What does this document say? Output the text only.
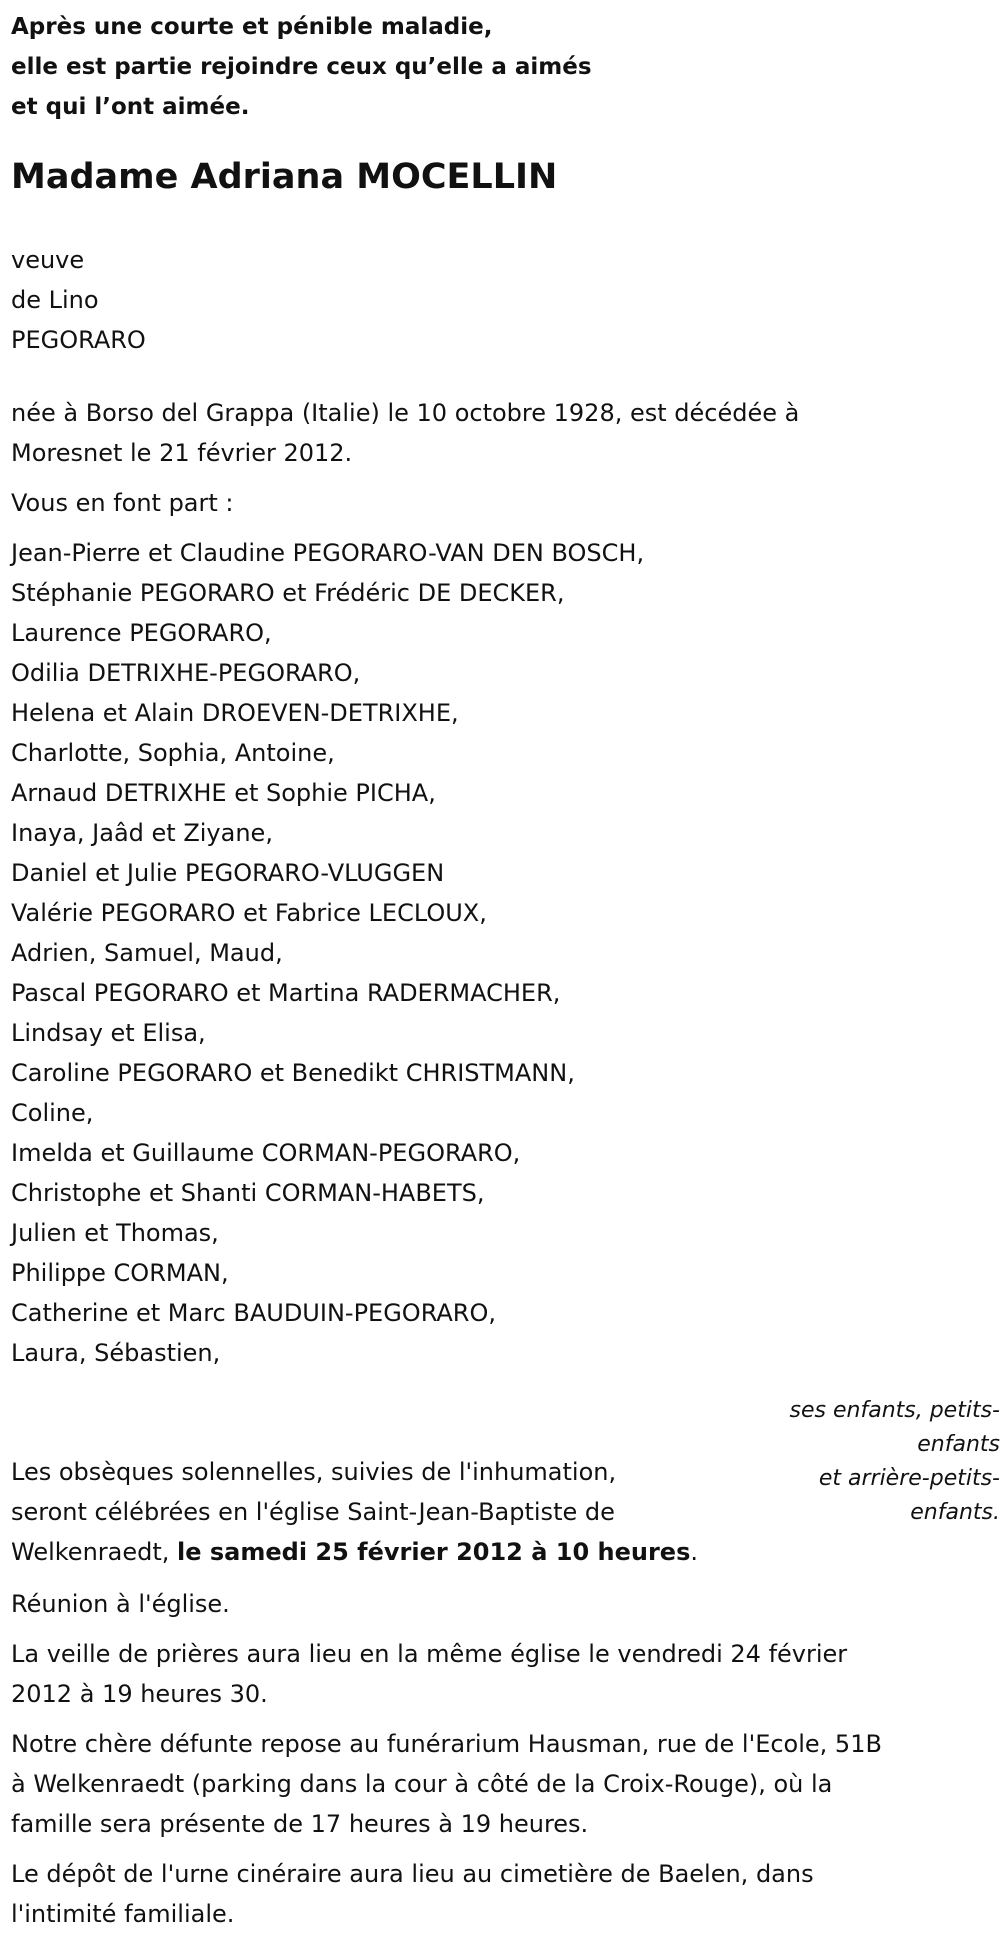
Après une courte et pénible maladie,
elle est partie rejoindre ceux qu’elle a aimés
et qui l’ont aimée.
Madame Adriana MOCELLIN
veuve
de Lino
PEGORARO
née à Borso del Grappa (Italie) le 10 octobre 1928, est décédée à
Moresnet le 21 février 2012.
Vous en font part :
Jean-Pierre et Claudine PEGORARO-VAN DEN BOSCH,
Stéphanie PEGORARO et Frédéric DE DECKER,
Laurence PEGORARO,
Odilia DETRIXHE-PEGORARO,
Helena et Alain DROEVEN-DETRIXHE,
Charlotte, Sophia, Antoine,
Arnaud DETRIXHE et Sophie PICHA,
Inaya, Jaâd et Ziyane,
Daniel et Julie PEGORARO-VLUGGEN
Valérie PEGORARO et Fabrice LECLOUX,
Adrien, Samuel, Maud,
Pascal PEGORARO et Martina RADERMACHER,
Lindsay et Elisa,
Caroline PEGORARO et Benedikt CHRISTMANN,
Coline,
Imelda et Guillaume CORMAN-PEGORARO,
Christophe et Shanti CORMAN-HABETS,
Julien et Thomas,
Philippe CORMAN,
Catherine et Marc BAUDUIN-PEGORARO,
Laura, Sébastien,
ses enfants, petits-
enfants
et arrière-petits-
enfants.
Les obsèques solennelles, suivies de l'inhumation,
seront célébrées en l'église Saint-Jean-Baptiste de
Welkenraedt, le samedi 25 février 2012 à 10 heures.

Réunion à l'église.

La veille de prières aura lieu en la même église le vendredi 24 février
2012 à 19 heures 30.

Notre chère défunte repose au funérarium Hausman, rue de l'Ecole, 51B
à Welkenraedt (parking dans la cour à côté de la Croix-Rouge), où la
famille sera présente de 17 heures à 19 heures.

Le dépôt de l'urne cinéraire aura lieu au cimetière de Baelen, dans
l'intimité familiale.
